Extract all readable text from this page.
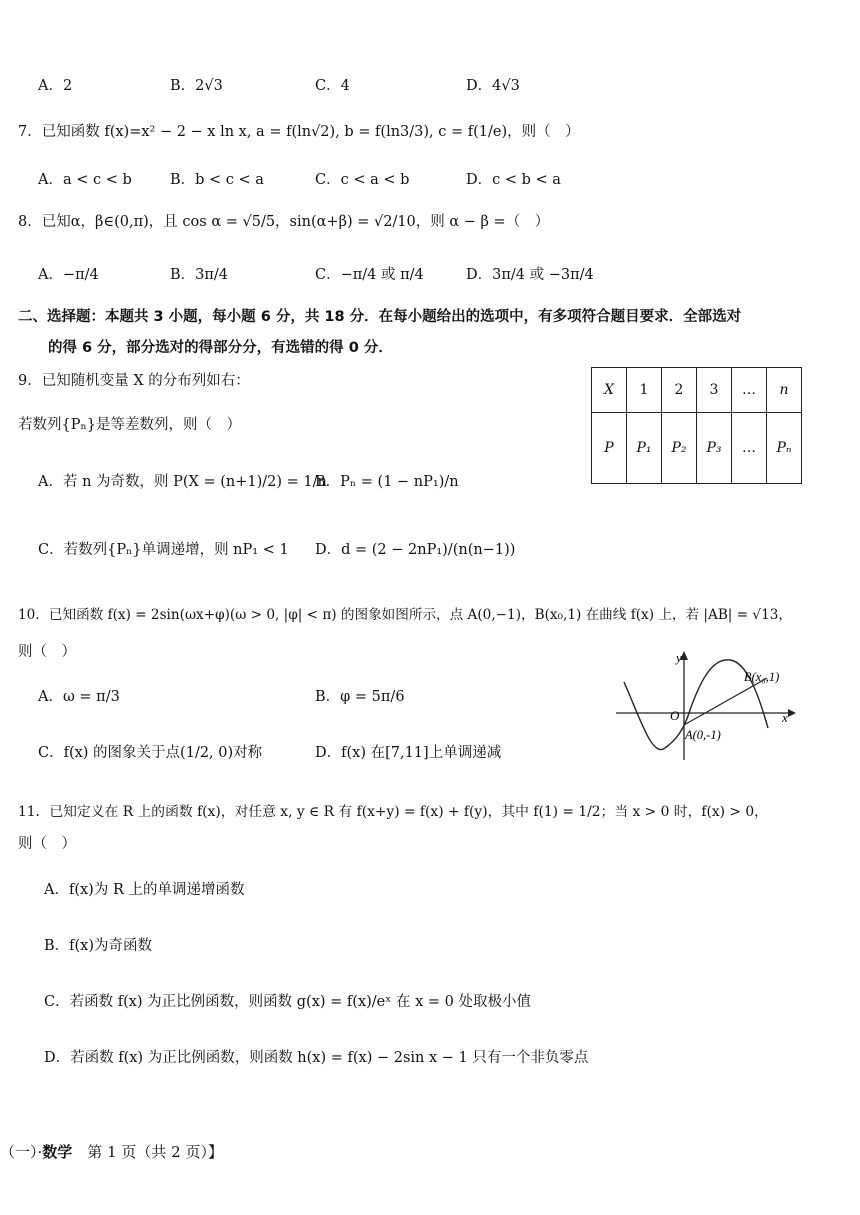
A．2	B．2√3	C．4	D．4√3
7．已知函数 f(x)=x² − 2 − x ln x, a = f(ln√2), b = f(ln3/3), c = f(1/e)，则（　）
A．a < c < b	B．b < c < a	C．c < a < b	D．c < b < a
8．已知α，β∈(0,π)，且 cos α = √5/5，sin(α+β) = √2/10，则 α − β =（　）
A．−π/4	B．3π/4	C．−π/4 或 π/4	D．3π/4 或 −3π/4
二、选择题：本题共 3 小题，每小题 6 分，共 18 分．在每小题给出的选项中，有多项符合题目要求．全部选对
的得 6 分，部分选对的得部分分，有选错的得 0 分．
9．已知随机变量 X 的分布列如右：
若数列{Pₙ}是等差数列，则（　）
A．若 n 为奇数，则 P(X = (n+1)/2) = 1/n
B．Pₙ = (1 − nP₁)/n
C．若数列{Pₙ}单调递增，则 nP₁ < 1 D．d = (2 − 2nP₁)/(n(n−1))
X	1	2	3	…	n
P	P₁	P₂	P₃	…	Pₙ
10．已知函数 f(x) = 2sin(ωx+φ)(ω > 0, |φ| < π) 的图象如图所示，点 A(0,−1)，B(x₀,1) 在曲线 f(x) 上，若 |AB| = √13，
则（　）
A．ω = π/3	B．φ = 5π/6
C．f(x) 的图象关于点(1/2, 0)对称	D．f(x) 在[7,11]上单调递减
y
x
O
A(0,-1)
B(x₀,1)
11．已知定义在 R 上的函数 f(x)，对任意 x, y ∈ R 有 f(x+y) = f(x) + f(y)，其中 f(1) = 1/2；当 x > 0 时，f(x) > 0，
则（　）
A．f(x)为 R 上的单调递增函数
B．f(x)为奇函数
C．若函数 f(x) 为正比例函数，则函数 g(x) = f(x)/eˣ 在 x = 0 处取极小值
D．若函数 f(x) 为正比例函数，则函数 h(x) = f(x) − 2sin x − 1 只有一个非负零点
（一）·数学　第 1 页（共 2 页）】
